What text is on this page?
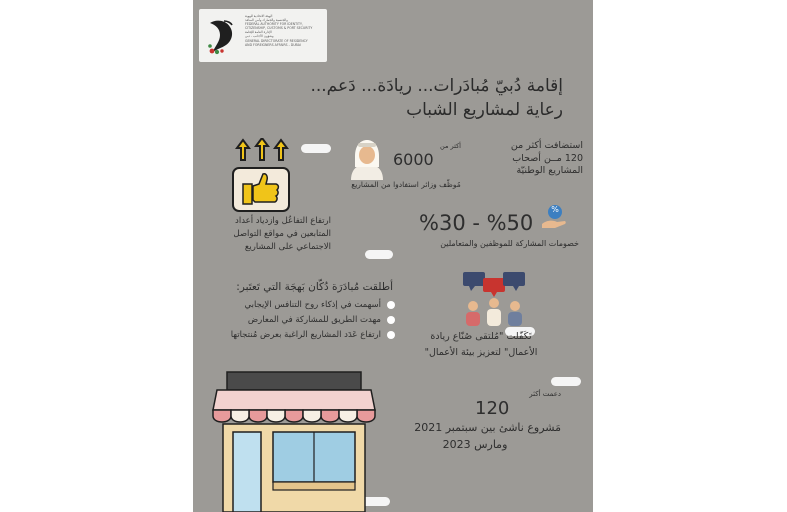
الهيئة الاتحادية للهوية
والجنسية والجمارك وأمن المنافذ
FEDERAL AUTHORITY FOR IDENTITY,
CITIZENSHIP, CUSTOMS & PORT SECURITY
الإدارة العامة للإقامة
وشؤون الأجانب - دبي
GENERAL DIRECTORATE OF RESIDENCY
AND FOREIGNERS AFFAIRS - DUBAI
إقامة دُبيّ مُبادَرات... ريادَة... دَعم...
رعاية لمشاريع الشباب
استضافت أكثر من 120 مــن أصحاب المشاريع الوطنيّة
أكثر من
6000
مُوظّف وزائر استفادوا من المشاريع
ارتفاع التفاعُل وازدياد أعداد المتابعين في مواقع التواصل الاجتماعي على المشاريع
%
%30 - %50
خصومات المشاركة للموظفين والمتعاملين
أطلقت مُبادَرَة دُكّان بَهجَة التي تَعتَبر:
أسهمت في إذكاء روح التنافس الإيجابي
مهدت الطريق للمشاركة في المعارض
ارتفاع عَدَد المشاريع الراغبة بعرض مُنتجاتها	تَكَفّلت "مُلتقى صُنّاع ريادة
الأعمال" لتعزيز بيئة الأعمال"
دعمت أكثر
120
مَشروع ناشئ بين سبتمبر 2021
ومارس 2023
